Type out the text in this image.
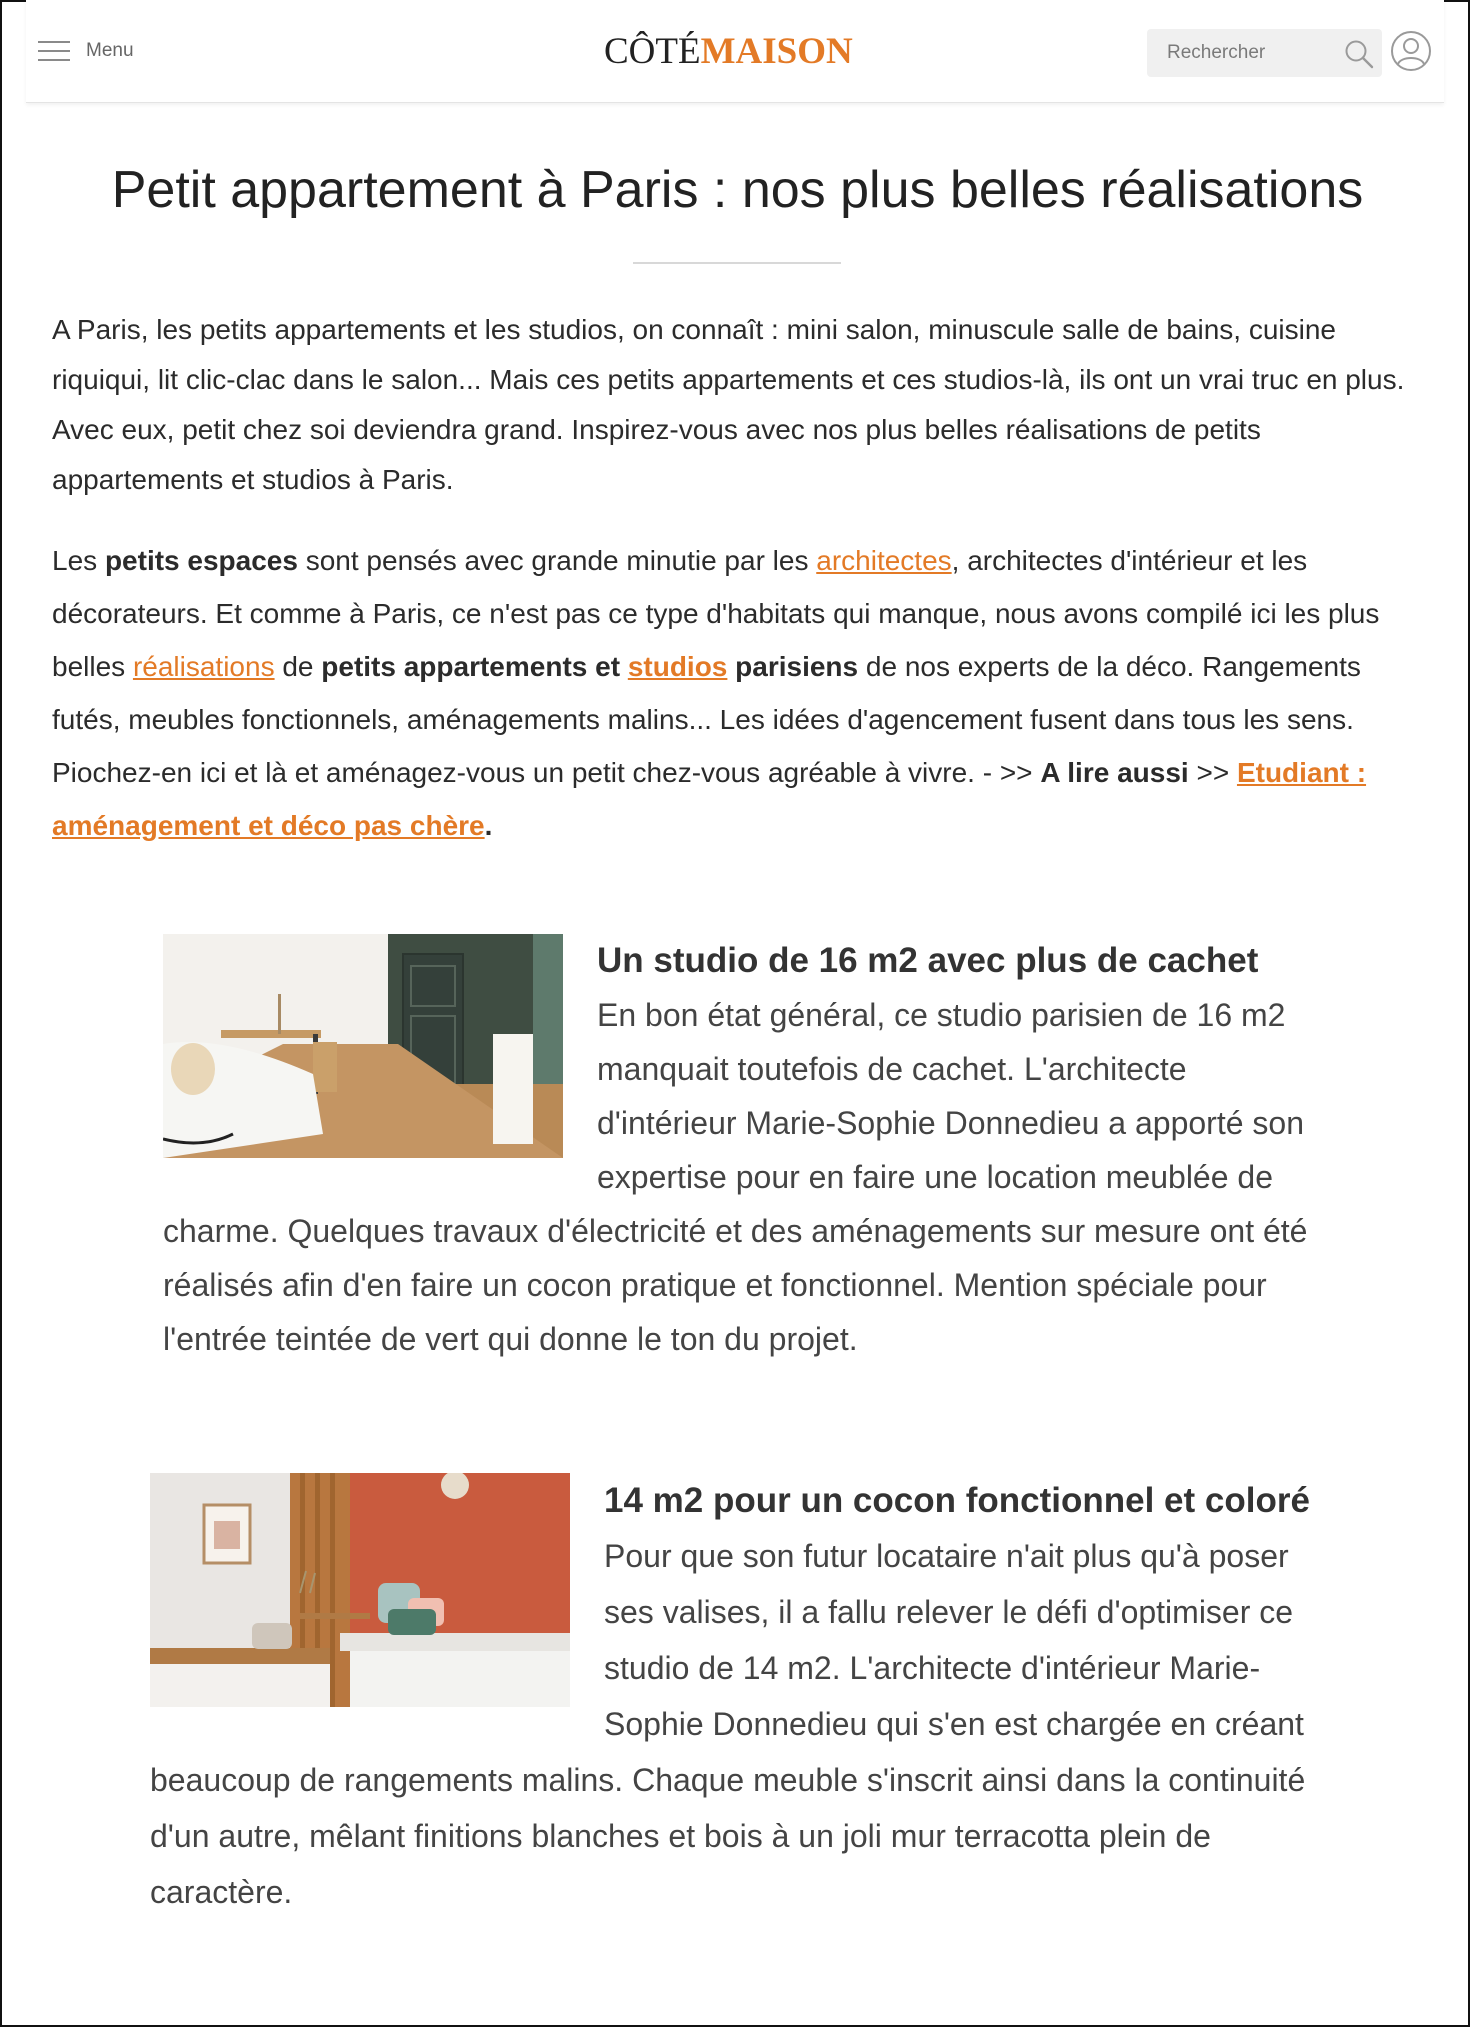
Menu	CÔTÉMAISON	Rechercher
Petit appartement à Paris : nos plus belles réalisations

A Paris, les petits appartements et les studios, on connaît : mini salon, minuscule salle de bains, cuisine riquiqui, lit clic-clac dans le salon... Mais ces petits appartements et ces studios-là, ils ont un vrai truc en plus. Avec eux, petit chez soi deviendra grand. Inspirez-vous avec nos plus belles réalisations de petits appartements et studios à Paris.

Les petits espaces sont pensés avec grande minutie par les architectes, architectes d'intérieur et les décorateurs. Et comme à Paris, ce n'est pas ce type d'habitats qui manque, nous avons compilé ici les plus belles réalisations de petits appartements et studios parisiens de nos experts de la déco. Rangements futés, meubles fonctionnels, aménagements malins... Les idées d'agencement fusent dans tous les sens. Piochez-en ici et là et aménagez-vous un petit chez-vous agréable à vivre. - >> A lire aussi >> Etudiant : aménagement et déco pas chère.

Un studio de 16 m2 avec plus de cachet

En bon état général, ce studio parisien de 16 m2 manquait toutefois de cachet. L'architecte d'intérieur Marie-Sophie Donnedieu a apporté son expertise pour en faire une location meublée de charme. Quelques travaux d'électricité et des aménagements sur mesure ont été réalisés afin d'en faire un cocon pratique et fonctionnel. Mention spéciale pour l'entrée teintée de vert qui donne le ton du projet.

14 m2 pour un cocon fonctionnel et coloré

Pour que son futur locataire n'ait plus qu'à poser ses valises, il a fallu relever le défi d'optimiser ce studio de 14 m2. L'architecte d'intérieur Marie-Sophie Donnedieu qui s'en est chargée en créant beaucoup de rangements malins. Chaque meuble s'inscrit ainsi dans la continuité d'un autre, mêlant finitions blanches et bois à un joli mur terracotta plein de caractère.
